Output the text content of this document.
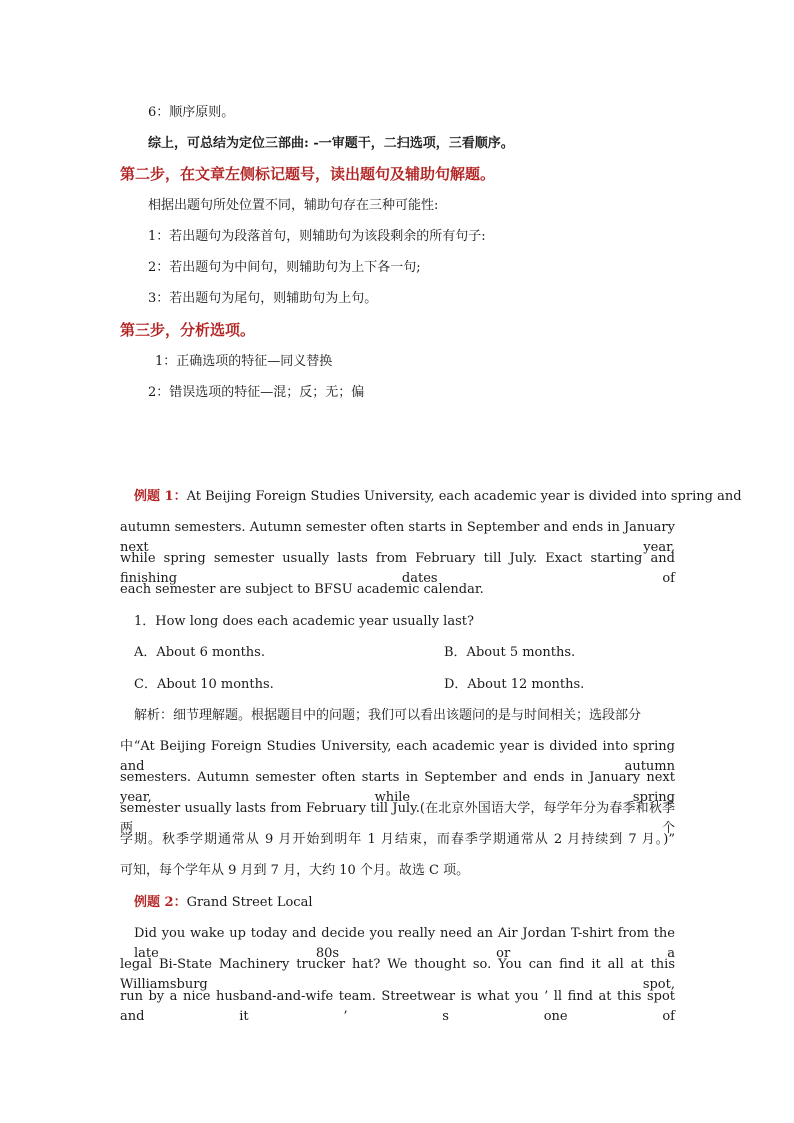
6：顺序原则。
综上，可总结为定位三部曲: -一审题干，二扫选项，三看顺序。
第二步，在文章左侧标记题号，读出题句及辅助句解题。
相据出题句所处位置不同，辅助句存在三种可能性:
1：若出题句为段落首句，则辅助句为该段剩余的所有句子:
2：若出题句为中间句，则辅助句为上下各一句;
3：若出题句为尾句，则辅助句为上句。
第三步，分析选项。
1：正确选项的特征—同义替换
2：错误选项的特征—混；反；无；偏
例题 1：At Beijing Foreign Studies University, each academic year is divided into spring and
autumn semesters. Autumn semester often starts in September and ends in January next year,
while spring semester usually lasts from February till July. Exact starting and finishing dates of
each semester are subject to BFSU academic calendar.
1．How long does each academic year usually last?
A．About 6 months.	B．About 5 months.
C．About 10 months.	D．About 12 months.
解析：细节理解题。根据题目中的问题；我们可以看出该题问的是与时间相关；选段部分
中“At Beijing Foreign Studies University, each academic year is divided into spring and autumn
semesters. Autumn semester often starts in September and ends in January next year, while spring
semester usually lasts from February till July.(在北京外国语大学，每学年分为春季和秋季两个
学期。秋季学期通常从 9 月开始到明年 1 月结束，而春季学期通常从 2 月持续到 7 月。)”
可知，每个学年从 9 月到 7 月，大约 10 个月。故选 C 项。
例题 2：Grand Street Local
Did you wake up today and decide you really need an Air Jordan T-shirt from the late 80s or a
legal Bi-State Machinery trucker hat? We thought so. You can find it all at this Williamsburg spot,
run by a nice husband-and-wife team. Streetwear is what you ’ ll find at this spot and it ’ s one of
